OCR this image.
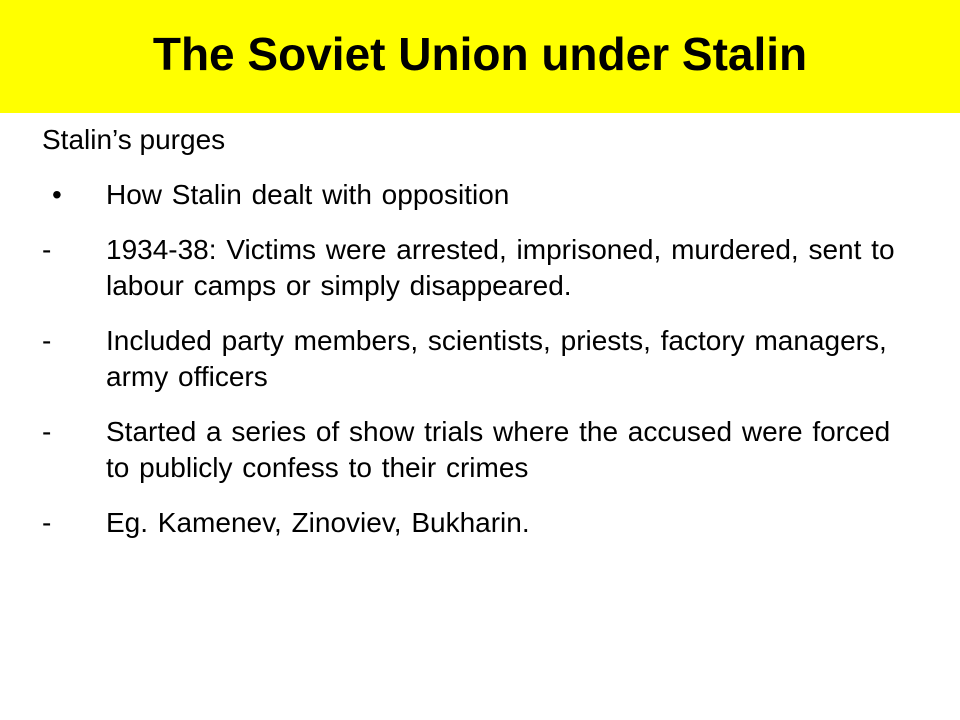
The Soviet Union under Stalin

Stalin’s purges

•	How Stalin dealt with opposition
-	1934-38: Victims were arrested, imprisoned, murdered, sent to labour camps or simply disappeared.
-	Included party members, scientists, priests, factory managers, army officers
-	Started a series of show trials where the accused were forced to publicly confess to their crimes
-	Eg. Kamenev, Zinoviev, Bukharin.
